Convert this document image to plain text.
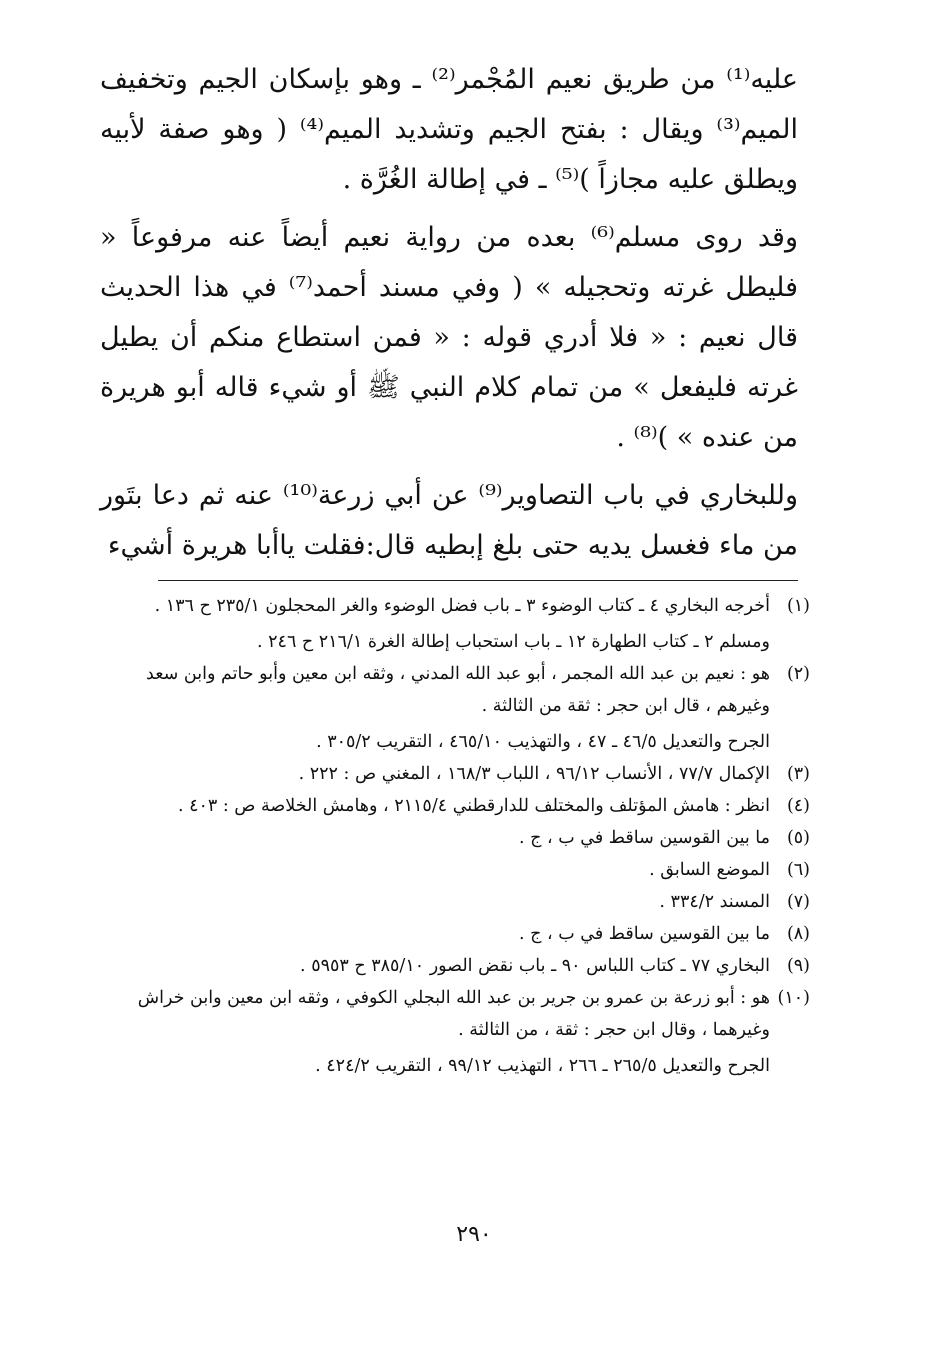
عليه⁽¹⁾ من طريق نعيم المُجْمر⁽²⁾ ـ وهو بإسكان الجيم وتخفيف الميم⁽³⁾ ويقال : بفتح الجيم وتشديد الميم⁽⁴⁾ ( وهو صفة لأبيه ويطلق عليه مجازاً )⁽⁵⁾ ـ في إطالة الغُرَّة .

وقد روى مسلم⁽⁶⁾ بعده من رواية نعيم أيضاً عنه مرفوعاً « فليطل غرته وتحجيله » ( وفي مسند أحمد⁽⁷⁾ في هذا الحديث قال نعيم : « فلا أدري قوله : « فمن استطاع منكم أن يطيل غرته فليفعل » من تمام كلام النبي ﷺ أو شيء قاله أبو هريرة من عنده » )⁽⁸⁾ .

وللبخاري في باب التصاوير⁽⁹⁾ عن أبي زرعة⁽¹⁰⁾ عنه ثم دعا بتَور من ماء فغسل يديه حتى بلغ إبطيه قال:فقلت ياأبا هريرة أشيء

(١)

أخرجه البخاري ٤ ـ كتاب الوضوء ٣ ـ باب فضل الوضوء والغر المحجلون ٢٣٥/١ ح ١٣٦ .

ومسلم ٢ ـ كتاب الطهارة ١٢ ـ باب استحباب إطالة الغرة ٢١٦/١ ح ٢٤٦ .

(٢)

هو : نعيم بن عبد الله المجمر ، أبو عبد الله المدني ، وثقه ابن معين وأبو حاتم وابن سعد وغيرهم ، قال ابن حجر : ثقة من الثالثة .

الجرح والتعديل ٤٦/٥ ـ ٤٧ ، والتهذيب ٤٦٥/١٠ ، التقريب ٣٠٥/٢ .

(٣)

الإكمال ٧٧/٧ ، الأنساب ٩٦/١٢ ، اللباب ١٦٨/٣ ، المغني ص : ٢٢٢ .

(٤)

انظر : هامش المؤتلف والمختلف للدارقطني ٢١١٥/٤ ، وهامش الخلاصة ص : ٤٠٣ .

(٥)

ما بين القوسين ساقط في ب ، ج .

(٦)

الموضع السابق .

(٧)

المسند ٣٣٤/٢ .

(٨)

ما بين القوسين ساقط في ب ، ج .

(٩)

البخاري ٧٧ ـ كتاب اللباس ٩٠ ـ باب نقض الصور ٣٨٥/١٠ ح ٥٩٥٣ .

(١٠)

هو : أبو زرعة بن عمرو بن جرير بن عبد الله البجلي الكوفي ، وثقه ابن معين وابن خراش وغيرهما ، وقال ابن حجر : ثقة ، من الثالثة .

الجرح والتعديل ٢٦٥/٥ ـ ٢٦٦ ، التهذيب ٩٩/١٢ ، التقريب ٤٢٤/٢ .

٢٩٠
